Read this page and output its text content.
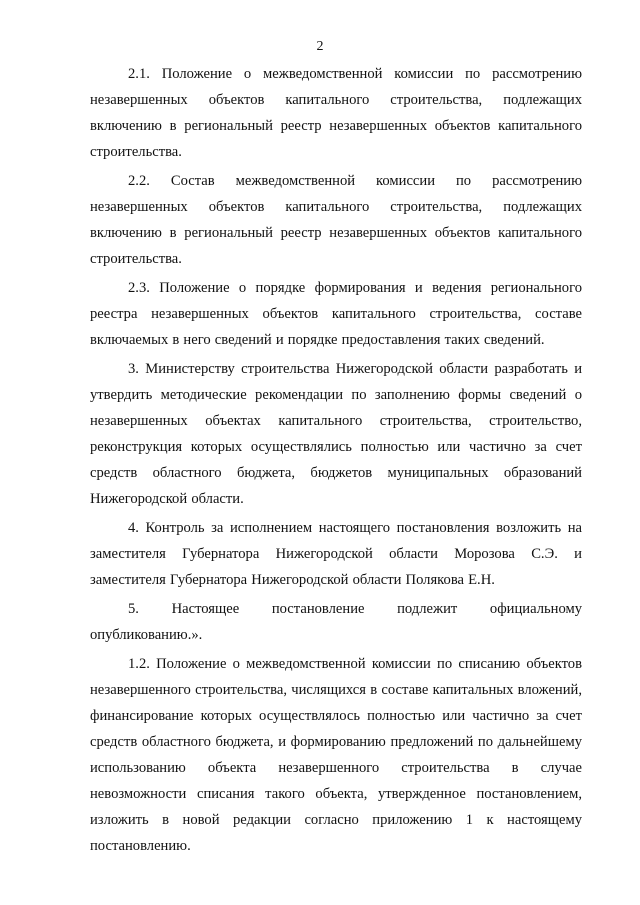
2

2.1. Положение о межведомственной комиссии по рассмотрению незавершенных объектов капитального строительства, подлежащих включению в региональный реестр незавершенных объектов капитального строительства.

2.2. Состав межведомственной комиссии по рассмотрению незавершенных объектов капитального строительства, подлежащих включению в региональный реестр незавершенных объектов капитального строительства.

2.3. Положение о порядке формирования и ведения регионального реестра незавершенных объектов капитального строительства, составе включаемых в него сведений и порядке предоставления таких сведений.

3. Министерству строительства Нижегородской области разработать и утвердить методические рекомендации по заполнению формы сведений о незавершенных объектах капитального строительства, строительство, реконструкция которых осуществлялись полностью или частично за счет средств областного бюджета, бюджетов муниципальных образований Нижегородской области.

4. Контроль за исполнением настоящего постановления возложить на заместителя Губернатора Нижегородской области Морозова С.Э. и заместителя Губернатора Нижегородской области Полякова Е.Н.

5. Настоящее постановление подлежит официальному опубликованию.».

1.2. Положение о межведомственной комиссии по списанию объектов незавершенного строительства, числящихся в составе капитальных вложений, финансирование которых осуществлялось полностью или частично за счет средств областного бюджета, и формированию предложений по дальнейшему использованию объекта незавершенного строительства в случае невозможности списания такого объекта, утвержденное постановлением, изложить в новой редакции согласно приложению 1 к настоящему постановлению.
